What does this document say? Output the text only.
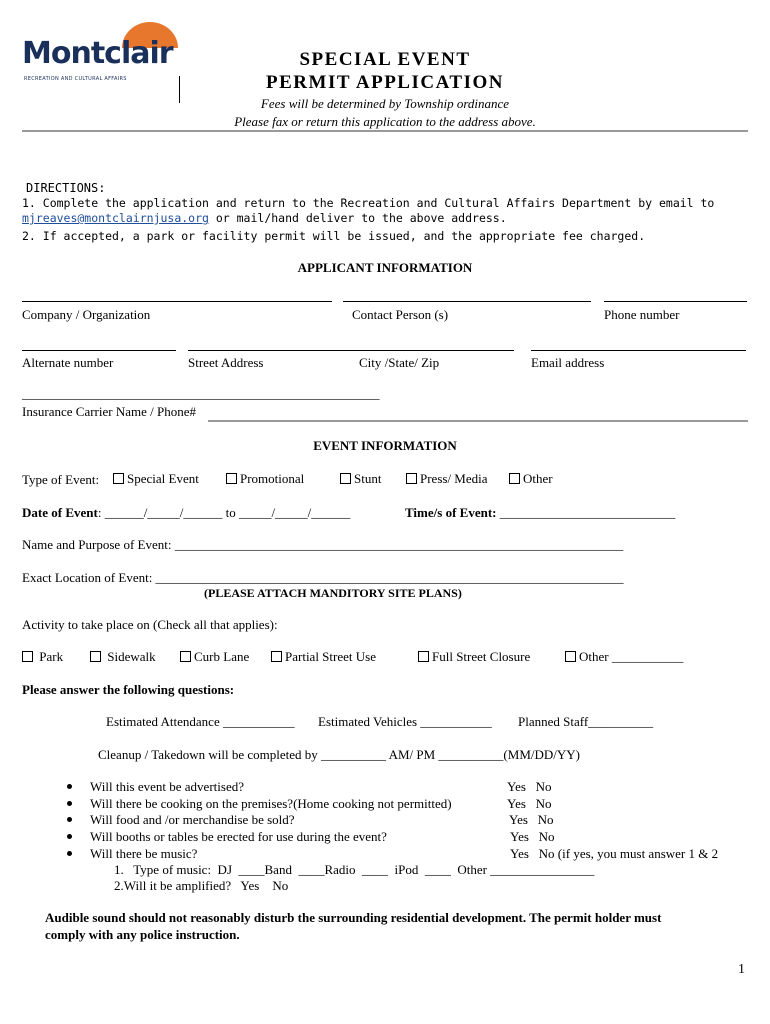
Montclair
RECREATION AND CULTURAL AFFAIRS
SPECIAL EVENT
PERMIT APPLICATION
Fees will be determined by Township ordinance
Please fax or return this application to the address above.
DIRECTIONS:
1. Complete the application and return to the Recreation and Cultural Affairs Department by email to
mjreaves@montclairnjusa.org or mail/hand deliver to the above address.
2. If accepted, a park or facility permit will be issued, and the appropriate fee charged.
APPLICANT INFORMATION
Company / Organization	Contact Person (s)	Phone number
Alternate number	Street Address	City /State/ Zip	Email address
_______________________________________________________
Insurance Carrier Name / Phone#
EVENT INFORMATION
Type of Event:	Special Event	Promotional	Stunt	Press/ Media	Other
Date of Event: ______/_____/______ to _____/_____/______	Time/s of Event: ___________________________
Name and Purpose of Event: _____________________________________________________________________
Exact Location of Event: ________________________________________________________________________
(PLEASE ATTACH MANDITORY SITE PLANS)
Activity to take place on (Check all that applies):
Park	Sidewalk	Curb Lane	Partial Street Use	Full Street Closure	Other ___________
Please answer the following questions:
Estimated Attendance ___________ Estimated Vehicles ___________ Planned Staff__________
Cleanup / Takedown will be completed by __________ AM/ PM __________(MM/DD/YY)
Will this event be advertised?	Yes   No
Will there be cooking on the premises?(Home cooking not permitted)	Yes   No
Will food and /or merchandise be sold?	Yes   No
Will booths or tables be erected for use during the event?	Yes   No
Will there be music?	Yes   No (if yes, you must answer 1 & 2
1.   Type of music:  DJ  ____Band  ____Radio  ____  iPod  ____  Other ________________
2.Will it be amplified?   Yes    No
Audible sound should not reasonably disturb the surrounding residential development. The permit holder must
comply with any police instruction.
1
